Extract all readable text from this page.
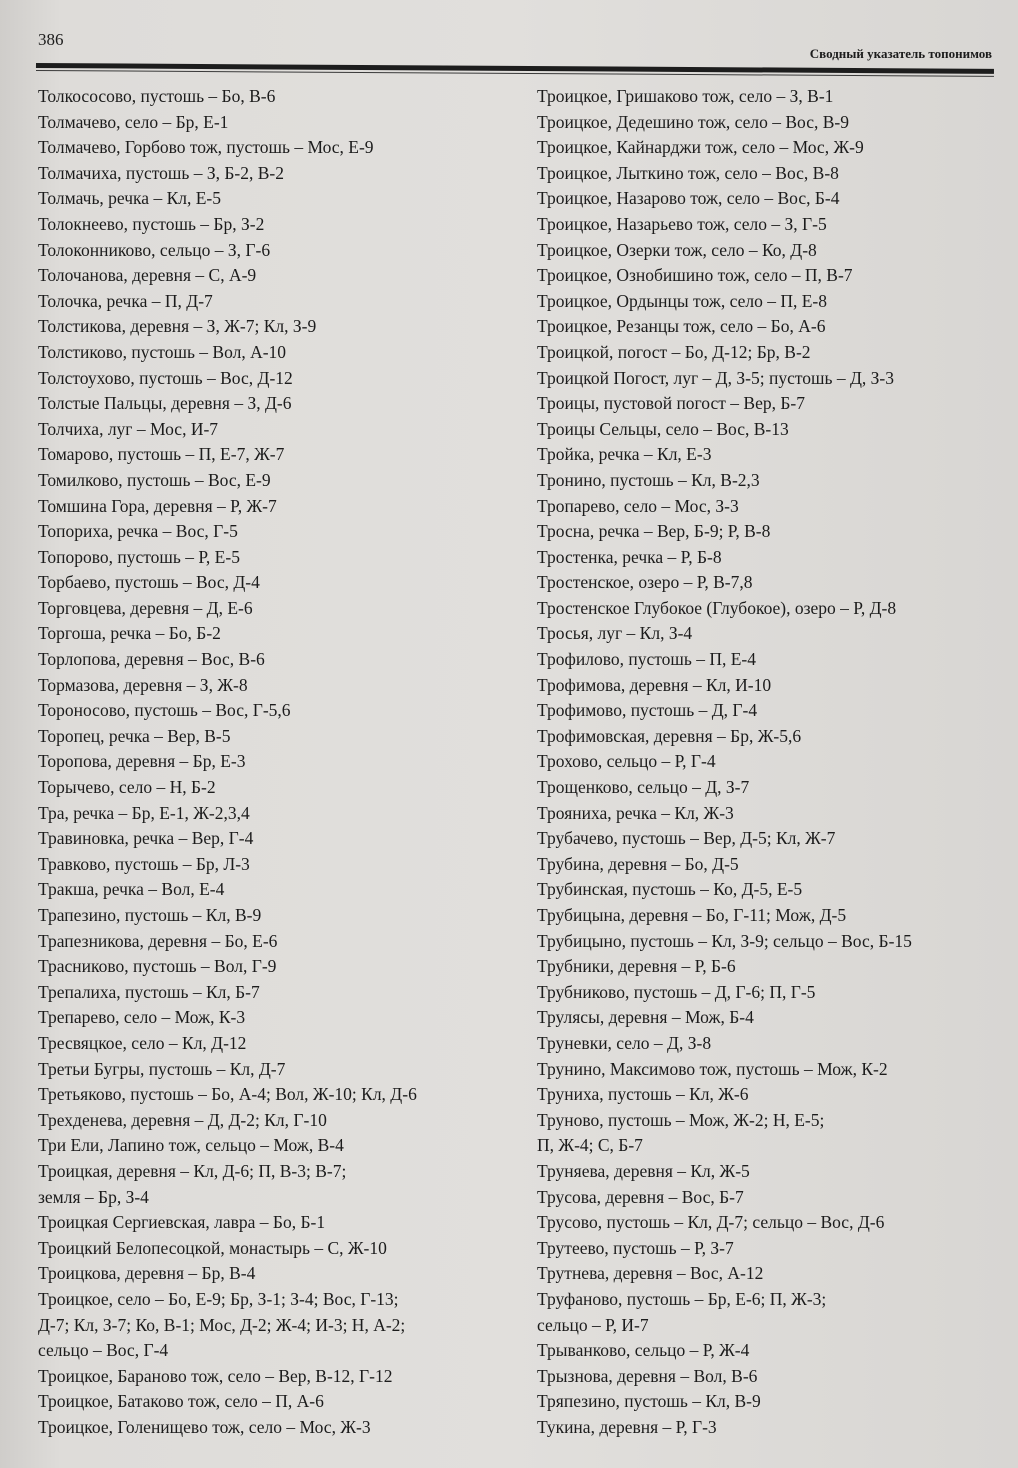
386
Сводный указатель топонимов
Толкососово, пустошь – Бо, В-6
Толмачево, село – Бр, Е-1
Толмачево, Горбово тож, пустошь – Мос, Е-9
Толмачиха, пустошь – З, Б-2, В-2
Толмачь, речка – Кл, Е-5
Толокнеево, пустошь – Бр, З-2
Толоконниково, сельцо – З, Г-6
Толочанова, деревня – С, А-9
Толочка, речка – П, Д-7
Толстикова, деревня – З, Ж-7; Кл, З-9
Толстиково, пустошь – Вол, А-10
Толстоухово, пустошь – Вос, Д-12
Толстые Пальцы, деревня – З, Д-6
Толчиха, луг – Мос, И-7
Томарово, пустошь – П, Е-7, Ж-7
Томилково, пустошь – Вос, Е-9
Томшина Гора, деревня – Р, Ж-7
Топориха, речка – Вос, Г-5
Топорово, пустошь – Р, Е-5
Торбаево, пустошь – Вос, Д-4
Торговцева, деревня – Д, Е-6
Торгоша, речка – Бо, Б-2
Торлопова, деревня – Вос, В-6
Тормазова, деревня – З, Ж-8
Тороносово, пустошь – Вос, Г-5,6
Торопец, речка – Вер, В-5
Торопова, деревня – Бр, Е-3
Торычево, село – Н, Б-2
Тра, речка – Бр, Е-1, Ж-2,3,4
Травиновка, речка – Вер, Г-4
Травково, пустошь – Бр, Л-3
Тракша, речка – Вол, Е-4
Трапезино, пустошь – Кл, В-9
Трапезникова, деревня – Бо, Е-6
Трасниково, пустошь – Вол, Г-9
Трепалиха, пустошь – Кл, Б-7
Трепарево, село – Мож, К-3
Тресвяцкое, село – Кл, Д-12
Третьи Бугры, пустошь – Кл, Д-7
Третьяково, пустошь – Бо, А-4; Вол, Ж-10; Кл, Д-6
Трехденева, деревня – Д, Д-2; Кл, Г-10
Три Ели, Лапино тож, сельцо – Мож, В-4
Троицкая, деревня – Кл, Д-6; П, В-3; В-7;
земля – Бр, З-4
Троицкая Сергиевская, лавра – Бо, Б-1
Троицкий Белопесоцкой, монастырь – С, Ж-10
Троицкова, деревня – Бр, В-4
Троицкое, село – Бо, Е-9; Бр, З-1; З-4; Вос, Г-13;
Д-7; Кл, З-7; Ко, В-1; Мос, Д-2; Ж-4; И-3; Н, А-2;
сельцо – Вос, Г-4
Троицкое, Бараново тож, село – Вер, В-12, Г-12
Троицкое, Батаково тож, село – П, А-6
Троицкое, Голенищево тож, село – Мос, Ж-3
Троицкое, Гришаково тож, село – З, В-1
Троицкое, Дедешино тож, село – Вос, В-9
Троицкое, Кайнарджи тож, село – Мос, Ж-9
Троицкое, Лыткино тож, село – Вос, В-8
Троицкое, Назарово тож, село – Вос, Б-4
Троицкое, Назарьево тож, село – З, Г-5
Троицкое, Озерки тож, село – Ко, Д-8
Троицкое, Ознобишино тож, село – П, В-7
Троицкое, Ордынцы тож, село – П, Е-8
Троицкое, Резанцы тож, село – Бо, А-6
Троицкой, погост – Бо, Д-12; Бр, В-2
Троицкой Погост, луг – Д, З-5; пустошь – Д, З-3
Троицы, пустовой погост – Вер, Б-7
Троицы Сельцы, село – Вос, В-13
Тройка, речка – Кл, Е-3
Тронино, пустошь – Кл, В-2,3
Тропарево, село – Мос, З-3
Тросна, речка – Вер, Б-9; Р, В-8
Тростенка, речка – Р, Б-8
Тростенское, озеро – Р, В-7,8
Тростенское Глубокое (Глубокое), озеро – Р, Д-8
Тросья, луг – Кл, З-4
Трофилово, пустошь – П, Е-4
Трофимова, деревня – Кл, И-10
Трофимово, пустошь – Д, Г-4
Трофимовская, деревня – Бр, Ж-5,6
Трохово, сельцо – Р, Г-4
Трощенково, сельцо – Д, З-7
Трояниха, речка – Кл, Ж-3
Трубачево, пустошь – Вер, Д-5; Кл, Ж-7
Трубина, деревня – Бо, Д-5
Трубинская, пустошь – Ко, Д-5, Е-5
Трубицына, деревня – Бо, Г-11; Мож, Д-5
Трубицыно, пустошь – Кл, З-9; сельцо – Вос, Б-15
Трубники, деревня – Р, Б-6
Трубниково, пустошь – Д, Г-6; П, Г-5
Трулясы, деревня – Мож, Б-4
Труневки, село – Д, З-8
Трунино, Максимово тож, пустошь – Мож, К-2
Труниха, пустошь – Кл, Ж-6
Труново, пустошь – Мож, Ж-2; Н, Е-5;
П, Ж-4; С, Б-7
Труняева, деревня – Кл, Ж-5
Трусова, деревня – Вос, Б-7
Трусово, пустошь – Кл, Д-7; сельцо – Вос, Д-6
Трутеево, пустошь – Р, З-7
Трутнева, деревня – Вос, А-12
Труфаново, пустошь – Бр, Е-6; П, Ж-3;
сельцо – Р, И-7
Трыванково, сельцо – Р, Ж-4
Трызнова, деревня – Вол, В-6
Тряпезино, пустошь – Кл, В-9
Тукина, деревня – Р, Г-3
